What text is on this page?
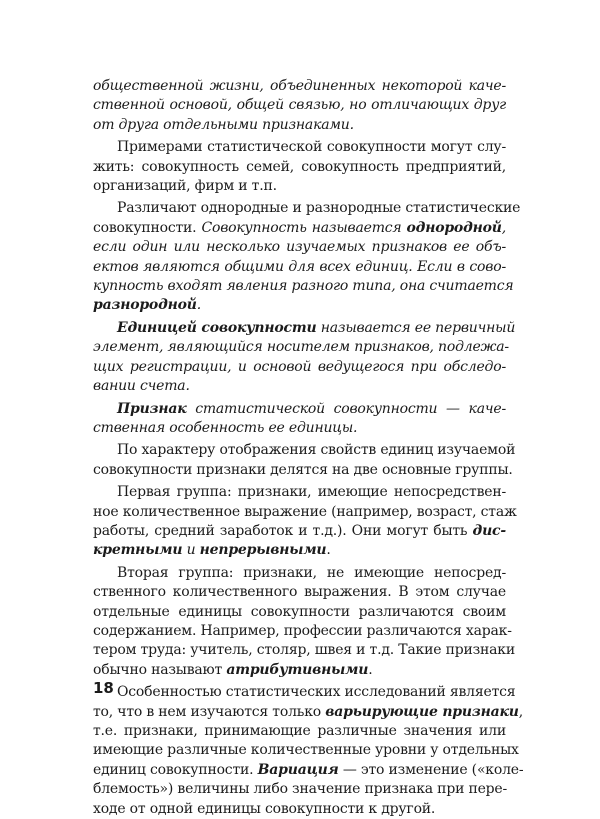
общественной жизни, объединенных некоторой каче-
ственной основой, общей связью, но отличающих друг
от друга отдельными признаками.

Примерами статистической совокупности могут слу-
жить: совокупность семей, совокупность предприятий,
организаций, фирм и т.п.

Различают однородные и разнородные статистические
совокупности. Совокупность называется однородной,
если один или несколько изучаемых признаков ее объ-
ектов являются общими для всех единиц. Если в сово-
купность входят явления разного типа, она считается
разнородной.

Единицей совокупности называется ее первичный
элемент, являющийся носителем признаков, подлежа-
щих регистрации, и основой ведущегося при обследо-
вании счета.

Признак статистической совокупности — каче-
ственная особенность ее единицы.

По характеру отображения свойств единиц изучаемой
совокупности признаки делятся на две основные группы.

Первая группа: признаки, имеющие непосредствен-
ное количественное выражение (например, возраст, стаж
работы, средний заработок и т.д.). Они могут быть дис-
кретными и непрерывными.

Вторая группа: признаки, не имеющие непосред-
ственного количественного выражения. В этом случае
отдельные единицы совокупности различаются своим
содержанием. Например, профессии различаются харак-
тером труда: учитель, столяр, швея и т.д. Такие признаки
обычно называют атрибутивными.

Особенностью статистических исследований является
то, что в нем изучаются только варьирующие признаки,
т.е. признаки, принимающие различные значения или
имеющие различные количественные уровни у отдельных
единиц совокупности. Вариация — это изменение («коле-
блемость») величины либо значение признака при пере-
ходе от одной единицы совокупности к другой.

18
